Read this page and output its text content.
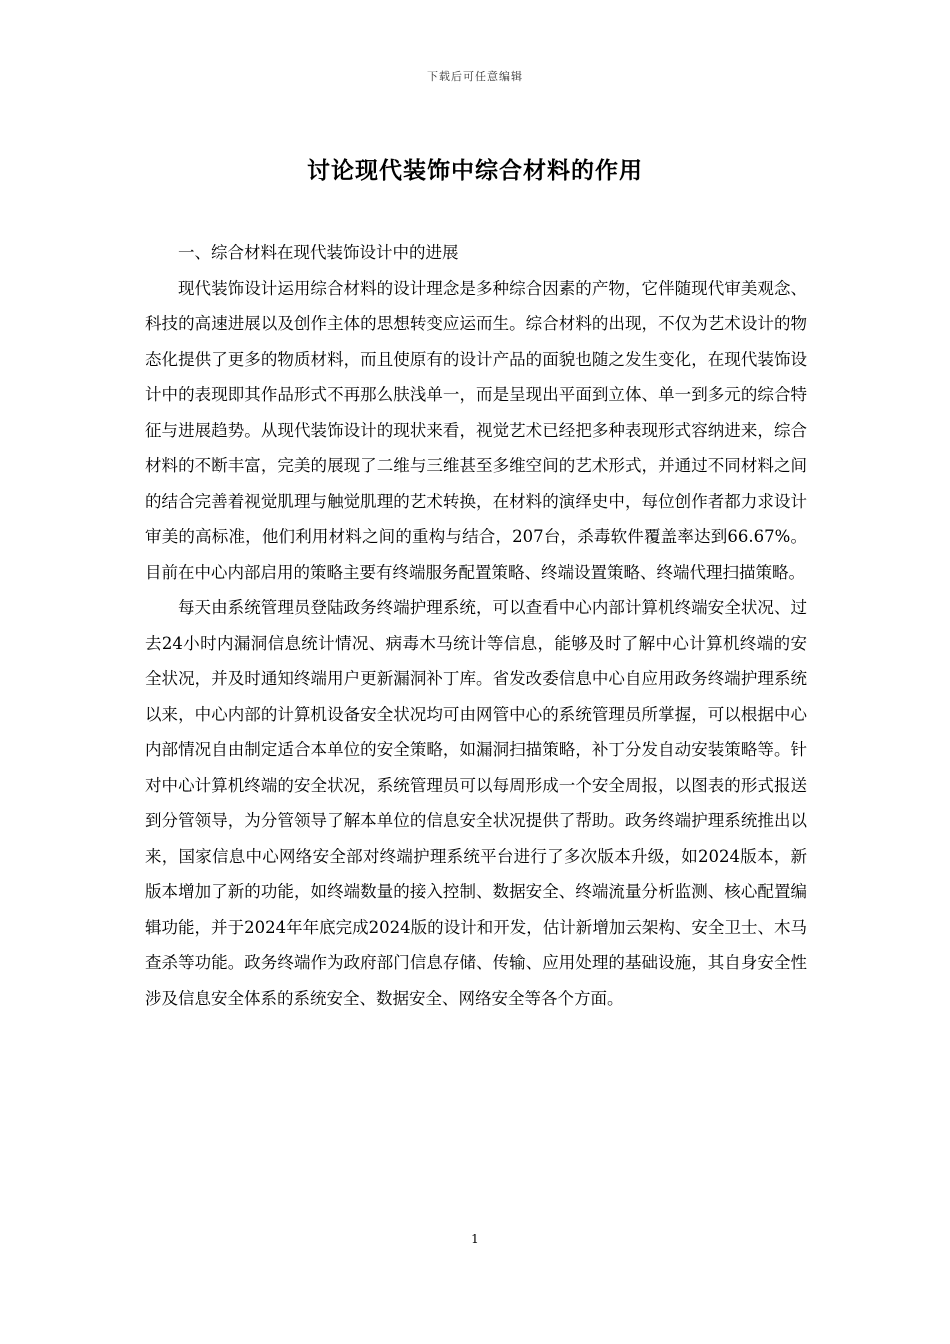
下载后可任意编辑
讨论现代装饰中综合材料的作用

一、综合材料在现代装饰设计中的进展

现代装饰设计运用综合材料的设计理念是多种综合因素的产物，它伴随现代审美观念、科技的高速进展以及创作主体的思想转变应运而生。综合材料的出现，不仅为艺术设计的物态化提供了更多的物质材料，而且使原有的设计产品的面貌也随之发生变化，在现代装饰设计中的表现即其作品形式不再那么肤浅单一，而是呈现出平面到立体、单一到多元的综合特征与进展趋势。从现代装饰设计的现状来看，视觉艺术已经把多种表现形式容纳进来，综合材料的不断丰富，完美的展现了二维与三维甚至多维空间的艺术形式，并通过不同材料之间的结合完善着视觉肌理与触觉肌理的艺术转换，在材料的演绎史中，每位创作者都力求设计审美的高标准，他们利用材料之间的重构与结合，207台，杀毒软件覆盖率达到66.67%。目前在中心内部启用的策略主要有终端服务配置策略、终端设置策略、终端代理扫描策略。

每天由系统管理员登陆政务终端护理系统，可以查看中心内部计算机终端安全状况、过去24小时内漏洞信息统计情况、病毒木马统计等信息，能够及时了解中心计算机终端的安全状况，并及时通知终端用户更新漏洞补丁库。省发改委信息中心自应用政务终端护理系统以来，中心内部的计算机设备安全状况均可由网管中心的系统管理员所掌握，可以根据中心内部情况自由制定适合本单位的安全策略，如漏洞扫描策略，补丁分发自动安装策略等。针对中心计算机终端的安全状况，系统管理员可以每周形成一个安全周报，以图表的形式报送到分管领导，为分管领导了解本单位的信息安全状况提供了帮助。政务终端护理系统推出以来，国家信息中心网络安全部对终端护理系统平台进行了多次版本升级，如2024版本，新版本增加了新的功能，如终端数量的接入控制、数据安全、终端流量分析监测、核心配置编辑功能，并于2024年年底完成2024版的设计和开发，估计新增加云架构、安全卫士、木马查杀等功能。政务终端作为政府部门信息存储、传输、应用处理的基础设施，其自身安全性涉及信息安全体系的系统安全、数据安全、网络安全等各个方面。

1
